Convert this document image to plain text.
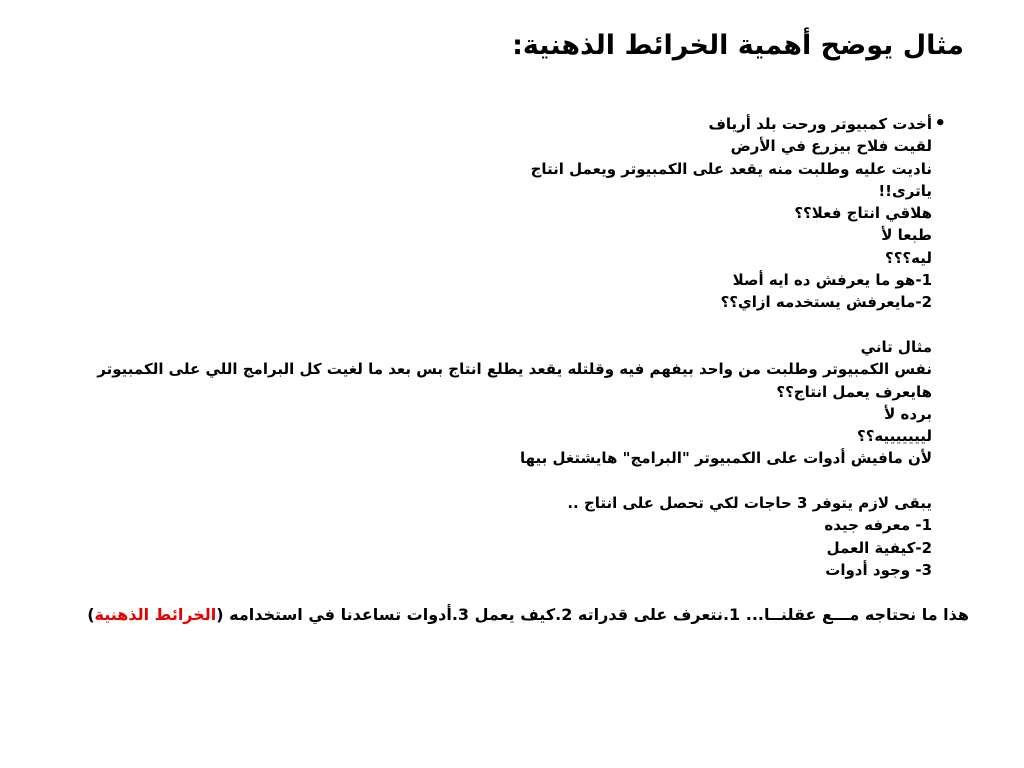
مثال يوضح أهمية الخرائط الذهنية:
•
أخدت كمبيوتر ورحت بلد أرياف
لقيت فلاح بيزرع في الأرض
ناديت عليه وطلبت منه يقعد على الكمبيوتر ويعمل انتاج
ياترى!!
هلاقي انتاج فعلا؟؟
طبعا لأ
ليه؟؟؟
1-هو ما يعرفش ده ايه أصلا
2-مايعرفش يستخدمه ازاي؟؟
مثال تاني
نفس الكمبيوتر وطلبت من واحد بيفهم فيه وقلتله يقعد يطلع انتاج بس بعد ما لغيت كل البرامج اللي على الكمبيوتر
هايعرف يعمل انتاج؟؟
برده لأ
ليييييييه؟؟
لأن مافيش أدوات على الكمبيوتر "البرامج" هايشتغل بيها
يبقى لازم يتوفر 3 حاجات لكي تحصل على انتاج ..
1- معرفه جيده
2-كيفية العمل
3- وجود أدوات
هذا ما نحتاجه مـــع عقلنــا... 1.نتعرف على قدراته 2.كيف يعمل 3.أدوات تساعدنا في استخدامه (الخرائط الذهنية)
